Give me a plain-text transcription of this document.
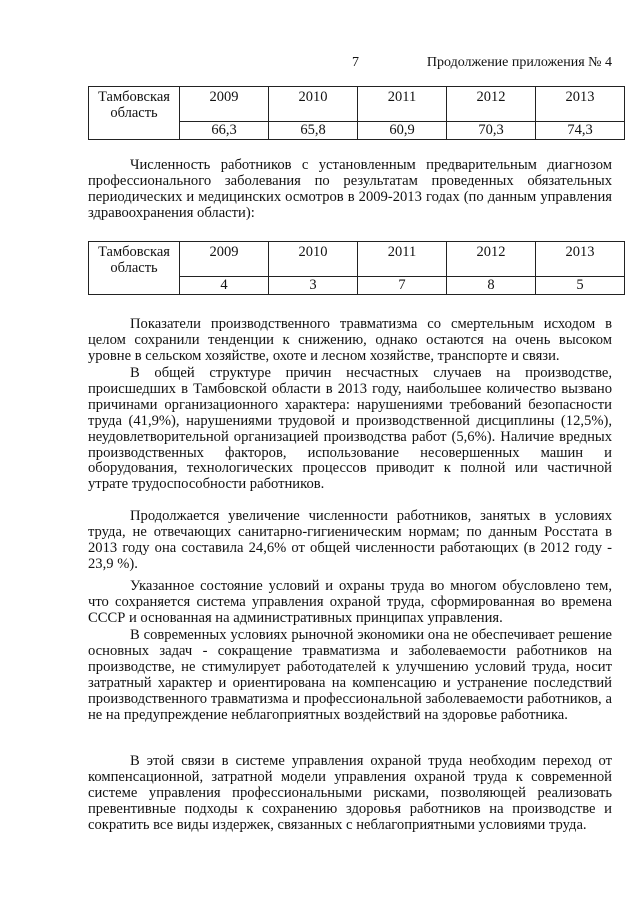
7	Продолжение приложения № 4
Тамбовская область	2009	2010	2011	2012	2013
	66,3	65,8	60,9	70,3	74,3

Численность работников с установленным предварительным диагнозом профессионального заболевания по результатам проведенных обязательных периодических и медицинских осмотров в 2009-2013 годах (по данным управления здравоохранения области):

Тамбовская область	2009	2010	2011	2012	2013
	4	3	7	8	5

Показатели производственного травматизма со смертельным исходом в целом сохранили тенденции к снижению, однако остаются на очень высоком уровне в сельском хозяйстве, охоте и лесном хозяйстве, транспорте и связи.

В общей структуре причин несчастных случаев на производстве, происшедших в Тамбовской области в 2013 году, наибольшее количество вызвано причинами организационного характера: нарушениями требований безопасности труда (41,9%), нарушениями трудовой и производственной дисциплины (12,5%), неудовлетворительной организацией производства работ (5,6%). Наличие вредных производственных факторов, использование несовершенных машин и оборудования, технологических процессов приводит к полной или частичной утрате трудоспособности работников.

Продолжается увеличение численности работников, занятых в условиях труда, не отвечающих санитарно-гигиеническим нормам; по данным Росстата в 2013 году она составила 24,6% от общей численности работающих (в 2012 году - 23,9 %).

Указанное состояние условий и охраны труда во многом обусловлено тем, что сохраняется система управления охраной труда, сформированная во времена СССР и основанная на административных принципах управления.

В современных условиях рыночной экономики она не обеспечивает решение основных задач - сокращение травматизма и заболеваемости работников на производстве, не стимулирует работодателей к улучшению условий труда, носит затратный характер и ориентирована на компенсацию и устранение последствий производственного травматизма и профессиональной заболеваемости работников, а не на предупреждение неблагоприятных воздействий на здоровье работника.

В этой связи в системе управления охраной труда необходим переход от компенсационной, затратной модели управления охраной труда к современной системе управления профессиональными рисками, позволяющей реализовать превентивные подходы к сохранению здоровья работников на производстве и сократить все виды издержек, связанных с неблагоприятными условиями труда.
